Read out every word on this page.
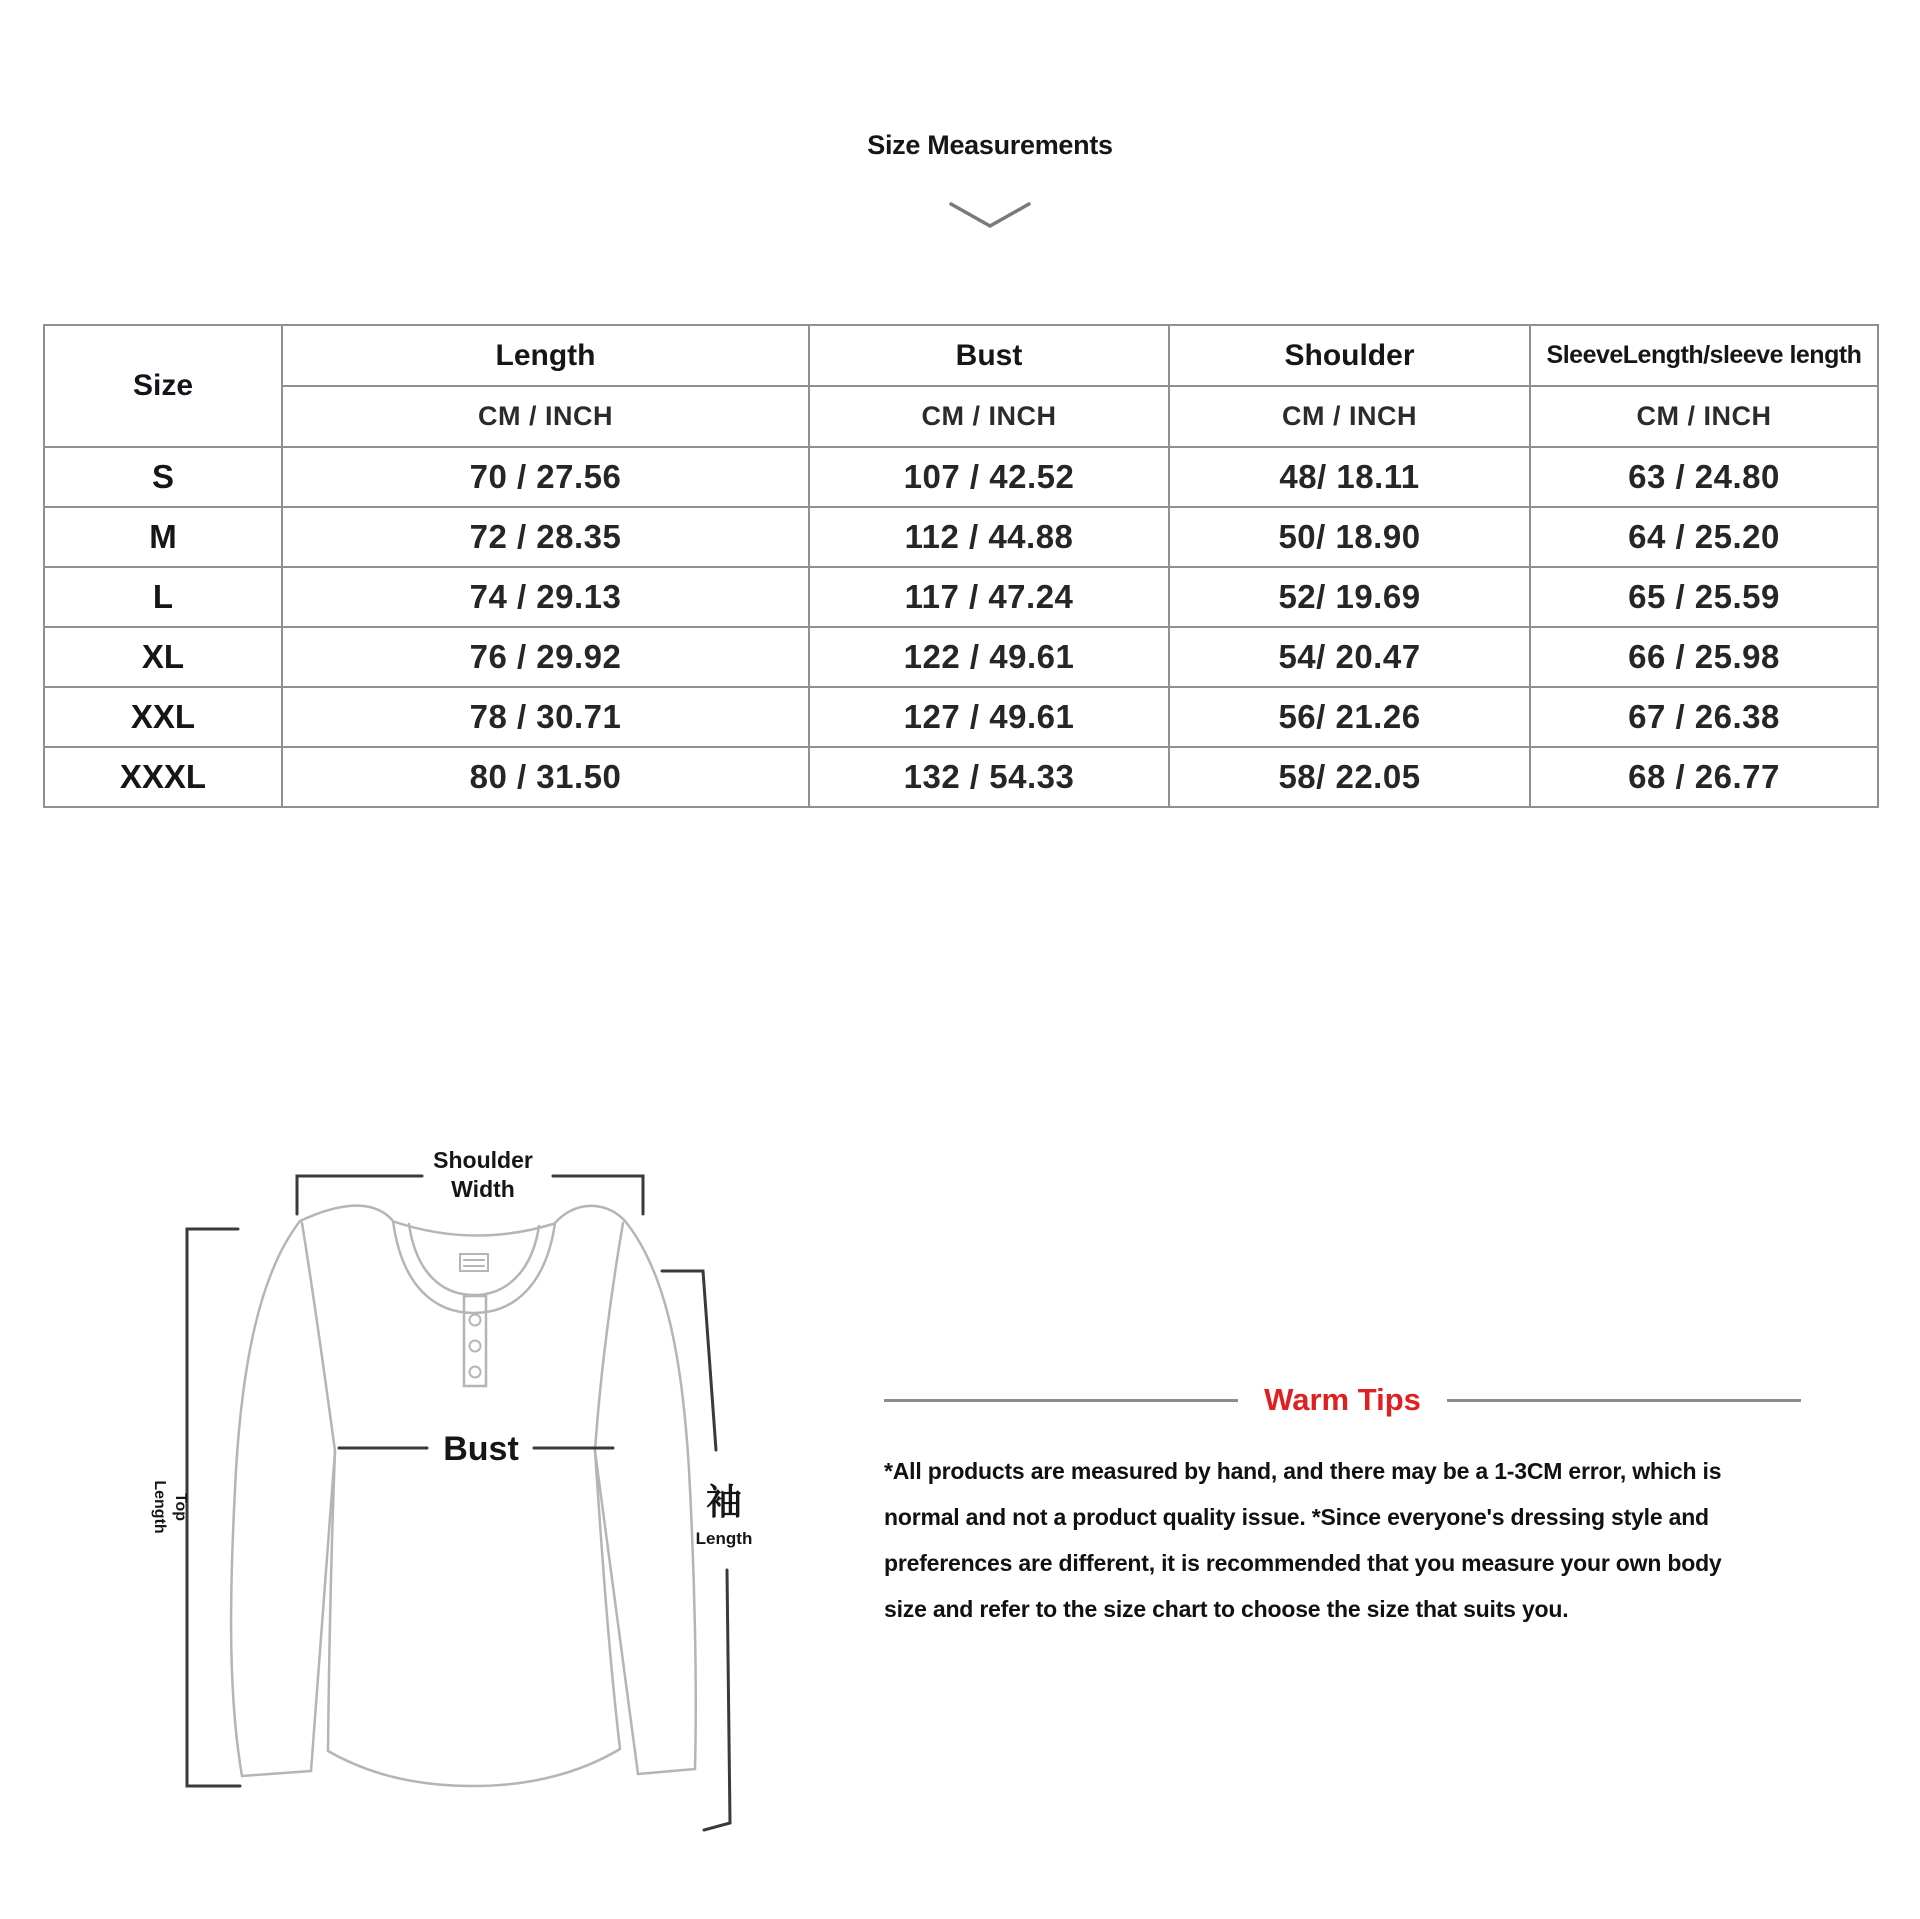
Size Measurements
Size	Length	Bust	Shoulder	SleeveLength/sleeve length
	CM / INCH	CM / INCH	CM / INCH	CM / INCH
S	70 / 27.56	107 / 42.52	48/ 18.11	63 / 24.80
M	72 / 28.35	112 / 44.88	50/ 18.90	64 / 25.20
L	74 / 29.13	117 / 47.24	52/ 19.69	65 / 25.59
XL	76 / 29.92	122 / 49.61	54/ 20.47	66 / 25.98
XXL	78 / 30.71	127 / 49.61	56/ 21.26	67 / 26.38
XXXL	80 / 31.50	132 / 54.33	58/ 22.05	68 / 26.77
Shoulder
Width
Bust
袖
Length
Top
Length
Warm Tips
*All products are measured by hand, and there may be a 1-3CM error, which is
normal and not a product quality issue. *Since everyone's dressing style and
preferences are different, it is recommended that you measure your own body
size and refer to the size chart to choose the size that suits you.
